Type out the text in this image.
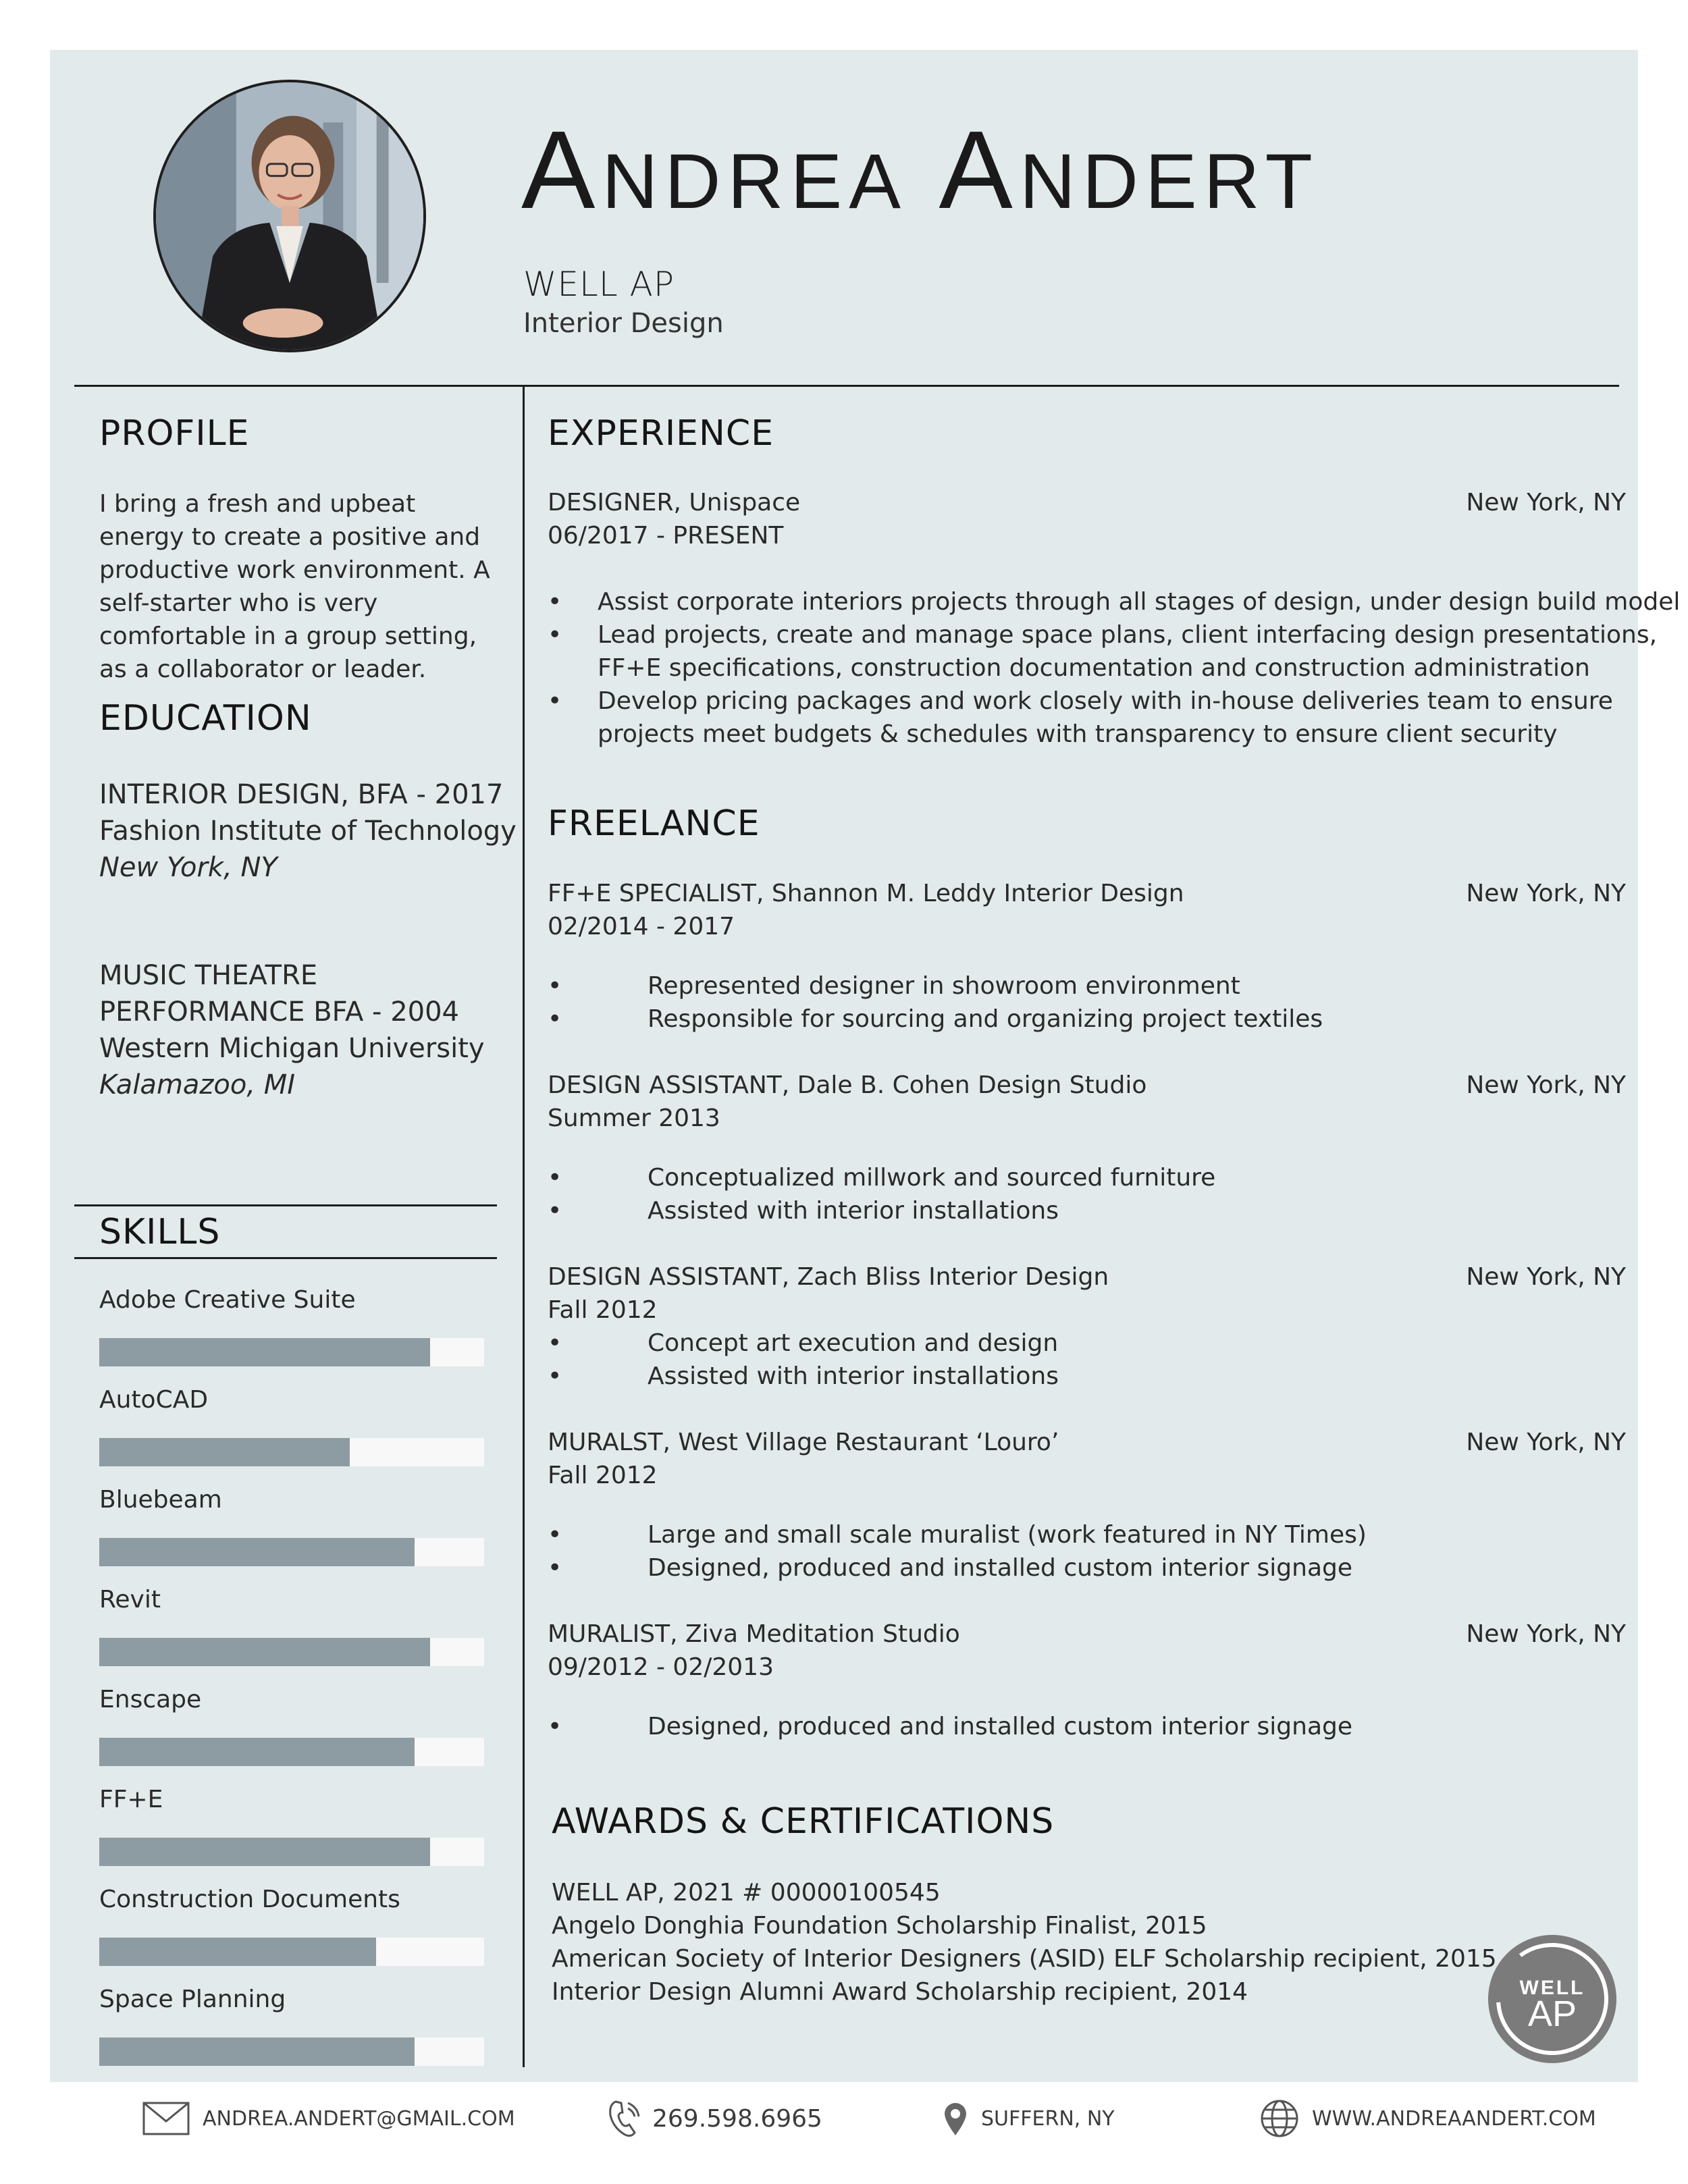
Andrea Andert
WELL AP
Interior Design
PROFILE
I bring a fresh and upbeat energy to create a positive and productive work environment. A self-starter who is very comfortable in a group setting, as a collaborator or leader.
EDUCATION
INTERIOR DESIGN, BFA - 2017
Fashion Institute of Technology
New York, NY
MUSIC THEATRE PERFORMANCE BFA - 2004
Western Michigan University
Kalamazoo, MI
SKILLS
Adobe Creative Suite
AutoCAD
Bluebeam
Revit
Enscape
FF+E
Construction Documents
Space Planning
EXPERIENCE
DESIGNER, Unispace	New York, NY
06/2017 - PRESENT
• Assist corporate interiors projects through all stages of design, under design build model
• Lead projects, create and manage space plans, client interfacing design presentations,
FF+E specifications, construction documentation and construction administration
• Develop pricing packages and work closely with in-house deliveries team to ensure
projects meet budgets & schedules with transparency to ensure client security
FREELANCE
FF+E SPECIALIST, Shannon M. Leddy Interior Design	New York, NY
02/2014 - 2017
•	Represented designer in showroom environment
•	Responsible for sourcing and organizing project textiles
DESIGN ASSISTANT, Dale B. Cohen Design Studio	New York, NY
Summer 2013
•	Conceptualized millwork and sourced furniture
•	Assisted with interior installations
DESIGN ASSISTANT, Zach Bliss Interior Design	New York, NY
Fall 2012
•	Concept art execution and design
•	Assisted with interior installations
MURALST, West Village Restaurant ‘Louro’	New York, NY
Fall 2012
•	Large and small scale muralist (work featured in NY Times)
•	Designed, produced and installed custom interior signage
MURALIST, Ziva Meditation Studio	New York, NY
09/2012 - 02/2013
•	Designed, produced and installed custom interior signage
AWARDS & CERTIFICATIONS
WELL AP, 2021 # 00000100545
Angelo Donghia Foundation Scholarship Finalist, 2015
American Society of Interior Designers (ASID) ELF Scholarship recipient, 2015
Interior Design Alumni Award Scholarship recipient, 2014	WELL
AP
ANDREA.ANDERT@GMAIL.COM	269.598.6965	SUFFERN, NY	WWW.ANDREAANDERT.COM
